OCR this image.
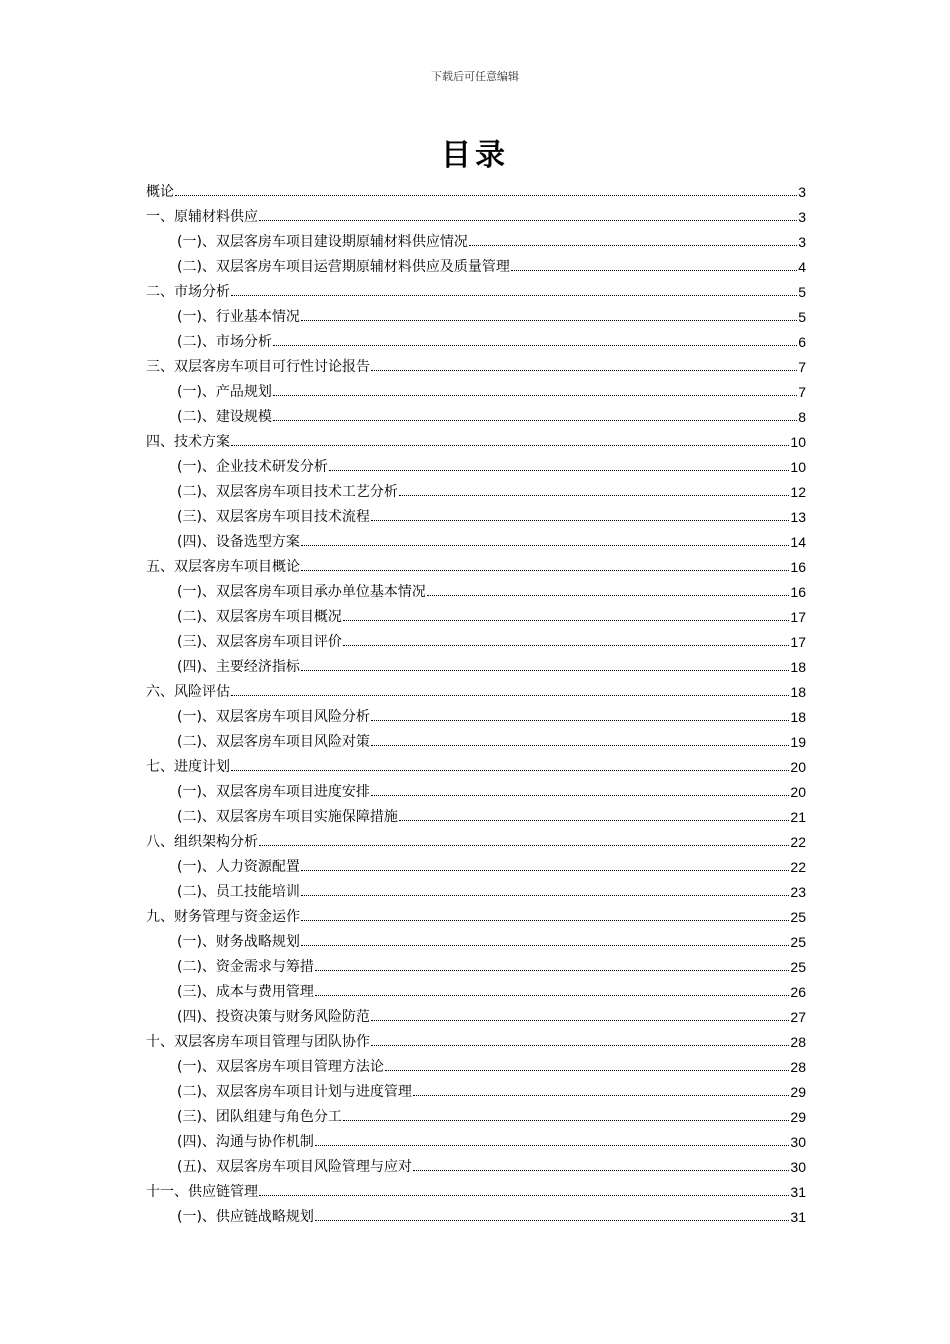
下载后可任意编辑
目录
概论	3
一、原辅材料供应	3
(一)、双层客房车项目建设期原辅材料供应情况	3
(二)、双层客房车项目运营期原辅材料供应及质量管理	4
二、市场分析	5
(一)、行业基本情况	5
(二)、市场分析	6
三、双层客房车项目可行性讨论报告	7
(一)、产品规划	7
(二)、建设规模	8
四、技术方案	10
(一)、企业技术研发分析	10
(二)、双层客房车项目技术工艺分析	12
(三)、双层客房车项目技术流程	13
(四)、设备选型方案	14
五、双层客房车项目概论	16
(一)、双层客房车项目承办单位基本情况	16
(二)、双层客房车项目概况	17
(三)、双层客房车项目评价	17
(四)、主要经济指标	18
六、风险评估	18
(一)、双层客房车项目风险分析	18
(二)、双层客房车项目风险对策	19
七、进度计划	20
(一)、双层客房车项目进度安排	20
(二)、双层客房车项目实施保障措施	21
八、组织架构分析	22
(一)、人力资源配置	22
(二)、员工技能培训	23
九、财务管理与资金运作	25
(一)、财务战略规划	25
(二)、资金需求与筹措	25
(三)、成本与费用管理	26
(四)、投资决策与财务风险防范	27
十、双层客房车项目管理与团队协作	28
(一)、双层客房车项目管理方法论	28
(二)、双层客房车项目计划与进度管理	29
(三)、团队组建与角色分工	29
(四)、沟通与协作机制	30
(五)、双层客房车项目风险管理与应对	30
十一、供应链管理	31
(一)、供应链战略规划	31
